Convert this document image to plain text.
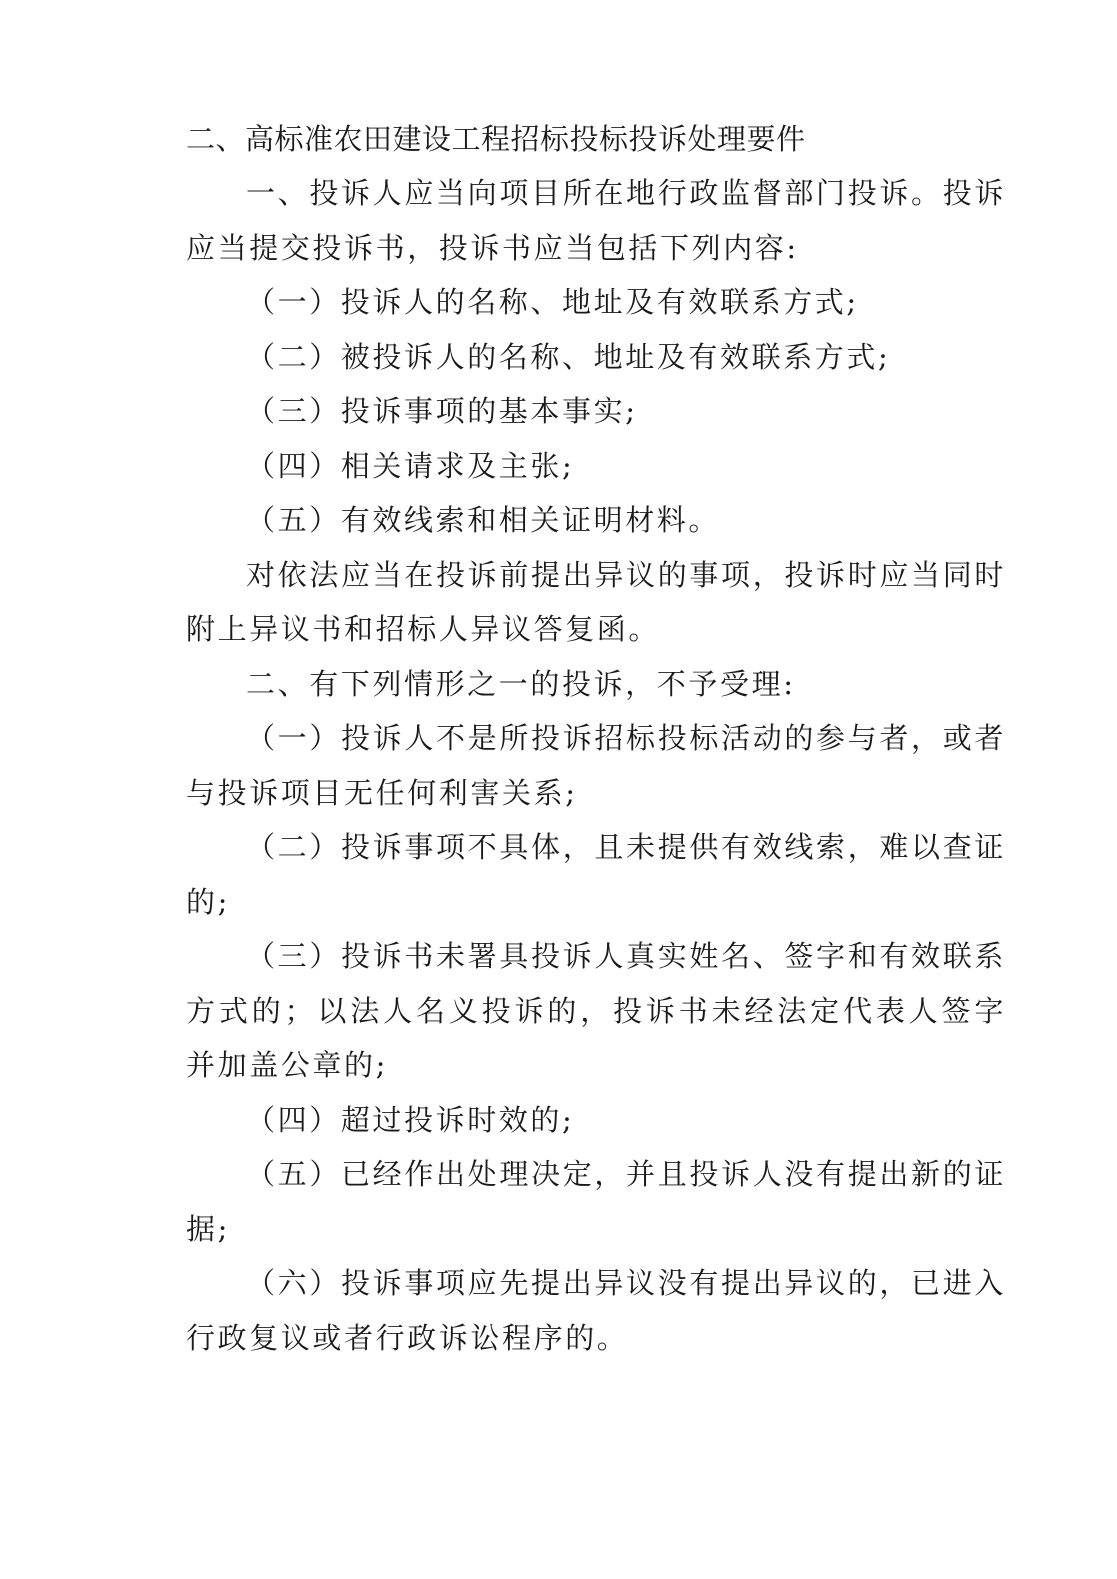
二、高标准农田建设工程招标投标投诉处理要件

一、投诉人应当向项目所在地行政监督部门投诉。投诉应当提交投诉书，投诉书应当包括下列内容:

（一）投诉人的名称、地址及有效联系方式;

（二）被投诉人的名称、地址及有效联系方式;

（三）投诉事项的基本事实;

（四）相关请求及主张;

（五）有效线索和相关证明材料。

对依法应当在投诉前提出异议的事项，投诉时应当同时附上异议书和招标人异议答复函。

二、有下列情形之一的投诉，不予受理:

（一）投诉人不是所投诉招标投标活动的参与者，或者与投诉项目无任何利害关系;

（二）投诉事项不具体，且未提供有效线索，难以查证的;

（三）投诉书未署具投诉人真实姓名、签字和有效联系方式的；以法人名义投诉的，投诉书未经法定代表人签字并加盖公章的;

（四）超过投诉时效的;

（五）已经作出处理决定，并且投诉人没有提出新的证据;

（六）投诉事项应先提出异议没有提出异议的，已进入行政复议或者行政诉讼程序的。
